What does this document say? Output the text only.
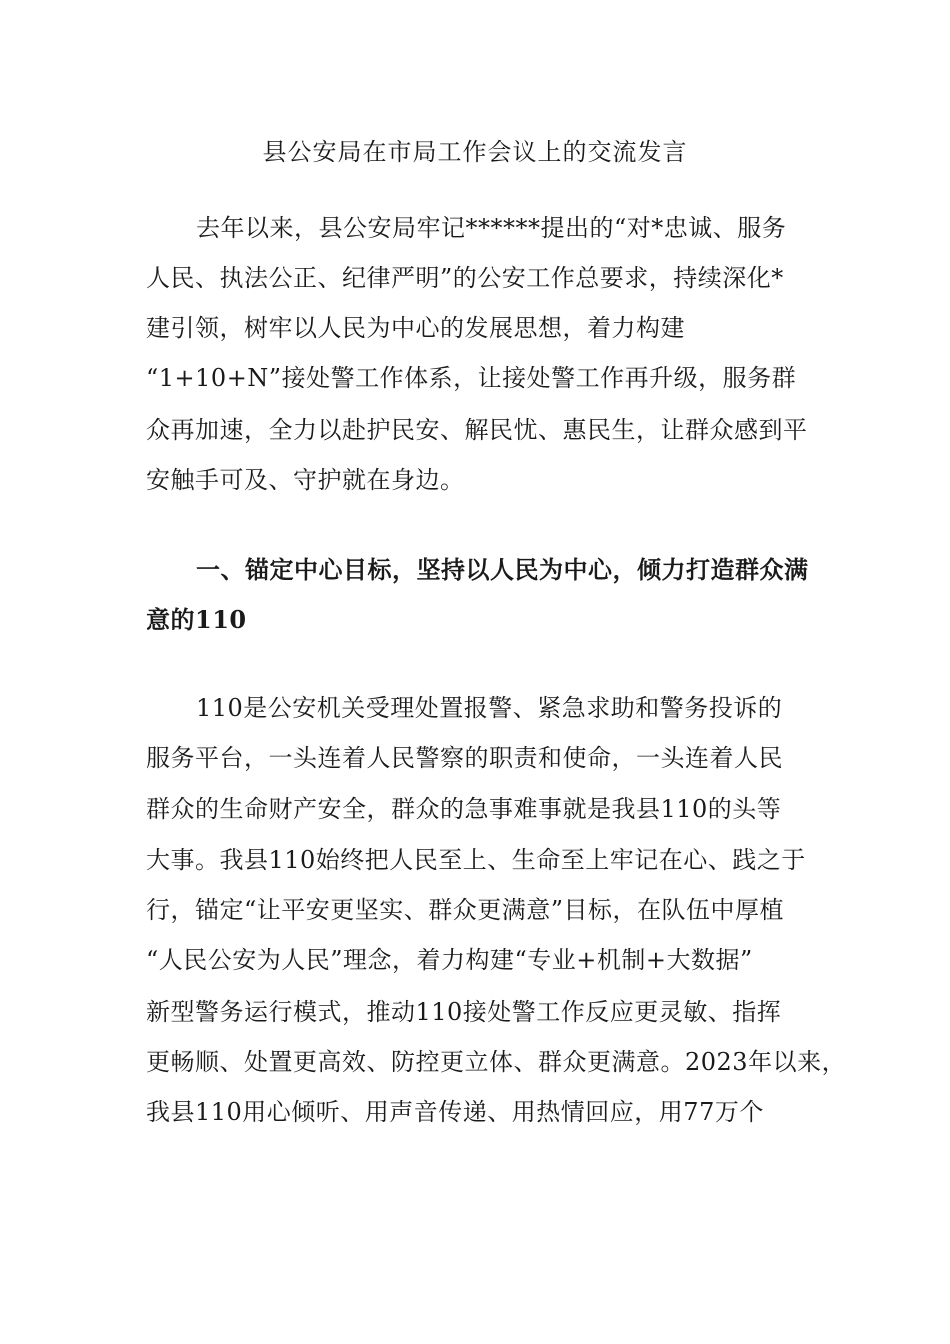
县公安局在市局工作会议上的交流发言
去年以来，县公安局牢记******提出的“对*忠诚、服务
人民、执法公正、纪律严明”的公安工作总要求，持续深化*
建引领，树牢以人民为中心的发展思想，着力构建
“1+10+N”接处警工作体系，让接处警工作再升级，服务群
众再加速，全力以赴护民安、解民忧、惠民生，让群众感到平
安触手可及、守护就在身边。
一、锚定中心目标，坚持以人民为中心，倾力打造群众满
意的110
110是公安机关受理处置报警、紧急求助和警务投诉的
服务平台，一头连着人民警察的职责和使命，一头连着人民
群众的生命财产安全，群众的急事难事就是我县110的头等
大事。我县110始终把人民至上、生命至上牢记在心、践之于
行，锚定“让平安更坚实、群众更满意”目标，在队伍中厚植
“人民公安为人民”理念，着力构建“专业+机制+大数据”
新型警务运行模式，推动110接处警工作反应更灵敏、指挥
更畅顺、处置更高效、防控更立体、群众更满意。2023年以来，
我县110用心倾听、用声音传递、用热情回应，用77万个
